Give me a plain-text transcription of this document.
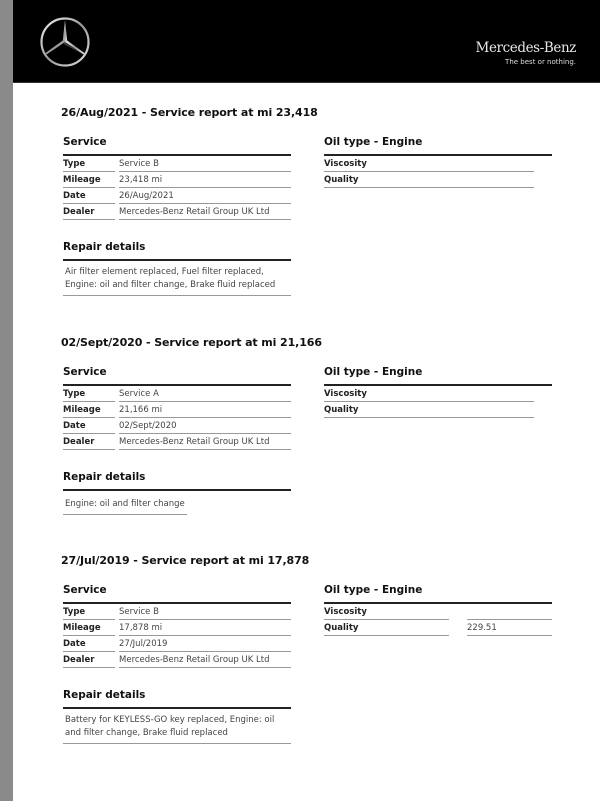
Mercedes-Benz
The best or nothing.
26/Aug/2021 - Service report at mi 23,418
Service
Type	Service B
Mileage	23,418 mi
Date	26/Aug/2021
Dealer	Mercedes-Benz Retail Group UK Ltd
Oil type - Engine
Viscosity
Quality
Repair details
Air filter element replaced, Fuel filter replaced, Engine: oil and filter change, Brake fluid replaced
02/Sept/2020 - Service report at mi 21,166
Service
Type	Service A
Mileage	21,166 mi
Date	02/Sept/2020
Dealer	Mercedes-Benz Retail Group UK Ltd
Oil type - Engine
Viscosity
Quality
Repair details
Engine: oil and filter change
27/Jul/2019 - Service report at mi 17,878
Service
Type	Service B
Mileage	17,878 mi
Date	27/Jul/2019
Dealer	Mercedes-Benz Retail Group UK Ltd
Oil type - Engine
Viscosity
Quality	229.51
Repair details
Battery for KEYLESS-GO key replaced, Engine: oil and filter change, Brake fluid replaced
